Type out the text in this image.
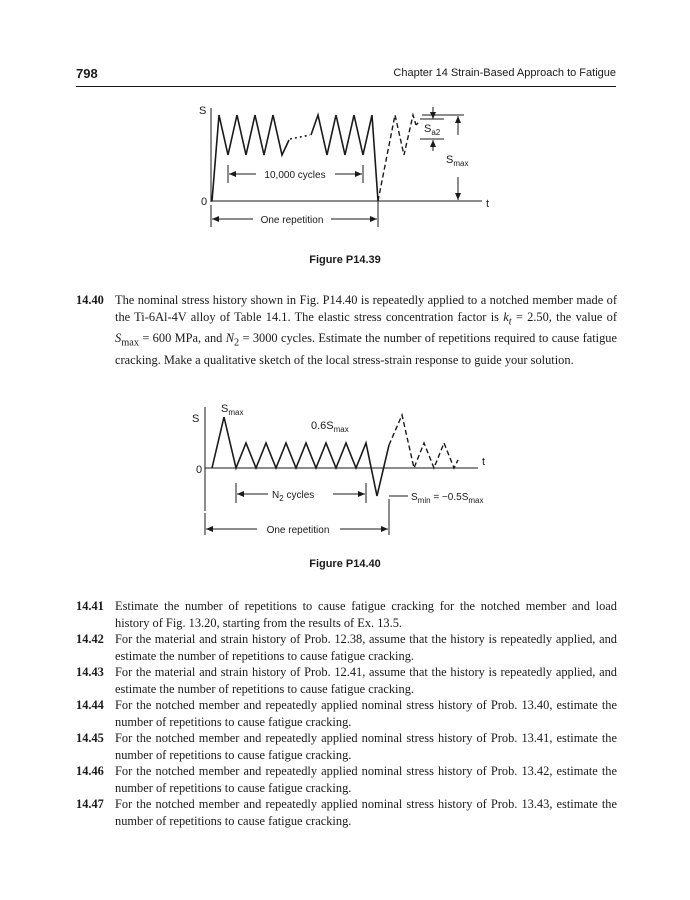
798	Chapter 14 Strain-Based Approach to Fatigue
S
0	t
$S_{a2}$
$S_{max}$
10,000 cycles
One repetition
Figure P14.39
14.40 The nominal stress history shown in Fig. P14.40 is repeatedly applied to a notched member made of the Ti-6Al-4V alloy of Table 14.1. The elastic stress concentration factor is $k_t = 2.50$, the value of $S_{max} = 600$ MPa, and $N_2 = 3000$ cycles. Estimate the number of repetitions required to cause fatigue cracking. Make a qualitative sketch of the local stress-strain response to guide your solution.
S
0
t
$S_{max}$
$0.6S_{max}$
$N_2$ cycles	$S_{min} = -0.5S_{max}$
One repetition
Figure P14.40
14.41 Estimate the number of repetitions to cause fatigue cracking for the notched member and load history of Fig. 13.20, starting from the results of Ex. 13.5.
14.42 For the material and strain history of Prob. 12.38, assume that the history is repeatedly applied, and estimate the number of repetitions to cause fatigue cracking.
14.43 For the material and strain history of Prob. 12.41, assume that the history is repeatedly applied, and estimate the number of repetitions to cause fatigue cracking.
14.44 For the notched member and repeatedly applied nominal stress history of Prob. 13.40, estimate the number of repetitions to cause fatigue cracking.
14.45 For the notched member and repeatedly applied nominal stress history of Prob. 13.41, estimate the number of repetitions to cause fatigue cracking.
14.46 For the notched member and repeatedly applied nominal stress history of Prob. 13.42, estimate the number of repetitions to cause fatigue cracking.
14.47 For the notched member and repeatedly applied nominal stress history of Prob. 13.43, estimate the number of repetitions to cause fatigue cracking.
